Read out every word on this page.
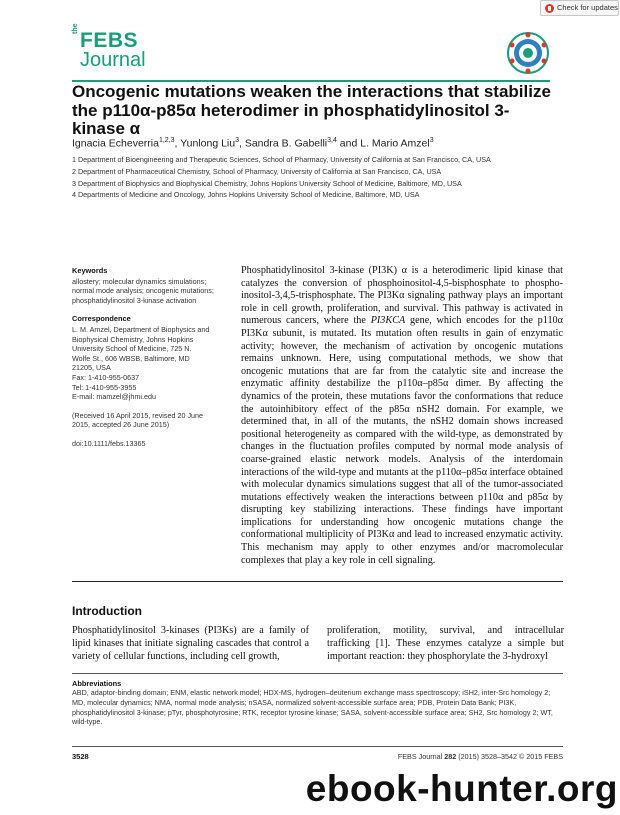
Check for updates
the
FEBS
Journal
Oncogenic mutations weaken the interactions that stabilize the p110α-p85α heterodimer in phosphatidylinositol 3-kinase α
Ignacia Echeverria$^{1,2,3}$, Yunlong Liu$^3$, Sandra B. Gabelli$^{3,4}$ and L. Mario Amzel$^3$
1 Department of Bioengineering and Therapeutic Sciences, School of Pharmacy, University of California at San Francisco, CA, USA
2 Department of Pharmaceutical Chemistry, School of Pharmacy, University of California at San Francisco, CA, USA
3 Department of Biophysics and Biophysical Chemistry, Johns Hopkins University School of Medicine, Baltimore, MD, USA
4 Departments of Medicine and Oncology, Johns Hopkins University School of Medicine, Baltimore, MD, USA
Keywords
allostery; molecular dynamics simulations; normal mode analysis; oncogenic mutations; phosphatidylinositol 3-kinase activation
Correspondence
L. M. Amzel, Department of Biophysics and
Biophysical Chemistry, Johns Hopkins
University School of Medicine, 725 N.
Wolfe St., 606 WBSB, Baltimore, MD
21205, USA
Fax: 1-410-955-0637
Tel: 1-410-955-3955
E-mail: mamzel@jhmi.edu
(Received 16 April 2015, revised 20 June 2015, accepted 26 June 2015)
doi:10.1111/febs.13365
Phosphatidylinositol 3-kinase (PI3K) α is a heterodimeric lipid kinase that catalyzes the conversion of phosphoinositol-4,5-bisphosphate to phospho-inositol-3,4,5-trisphosphate. The PI3Kα signaling pathway plays an important role in cell growth, proliferation, and survival. This pathway is activated in numerous cancers, where the PI3KCA gene, which encodes for the p110α PI3Kα subunit, is mutated. Its mutation often results in gain of enzymatic activity; however, the mechanism of activation by oncogenic mutations remains unknown. Here, using computational methods, we show that oncogenic mutations that are far from the catalytic site and increase the enzymatic affinity destabilize the p110α–p85α dimer. By affecting the dynamics of the protein, these mutations favor the conformations that reduce the autoinhibitory effect of the p85α nSH2 domain. For example, we determined that, in all of the mutants, the nSH2 domain shows increased positional heterogeneity as compared with the wild-type, as demonstrated by changes in the fluctuation profiles computed by normal mode analysis of coarse-grained elastic network models. Analysis of the interdomain interactions of the wild-type and mutants at the p110α–p85α interface obtained with molecular dynamics simulations suggest that all of the tumor-associated mutations effectively weaken the interactions between p110α and p85α by disrupting key stabilizing interactions. These findings have important implications for understanding how oncogenic mutations change the conformational multiplicity of PI3Kα and lead to increased enzymatic activity. This mechanism may apply to other enzymes and/or macromolecular complexes that play a key role in cell signaling.
Introduction
Phosphatidylinositol 3-kinases (PI3Ks) are a family of lipid kinases that initiate signaling cascades that control a variety of cellular functions, including cell growth,
proliferation, motility, survival, and intracellular trafficking [1]. These enzymes catalyze a simple but important reaction: they phosphorylate the 3-hydroxyl
Abbreviations
ABD, adaptor-binding domain; ENM, elastic network model; HDX-MS, hydrogen–deuterium exchange mass spectroscopy; iSH2, inter-Src homology 2; MD, molecular dynamics; NMA, normal mode analysis; nSASA, normalized solvent-accessible surface area; PDB, Protein Data Bank; PI3K, phosphatidylinositol 3-kinase; pTyr, phosphotyrosine; RTK, receptor tyrosine kinase; SASA, solvent-accessible surface area; SH2, Src homology 2; WT, wild-type.
3528	FEBS Journal 282 (2015) 3528–3542 © 2015 FEBS
ebook-hunter.org
